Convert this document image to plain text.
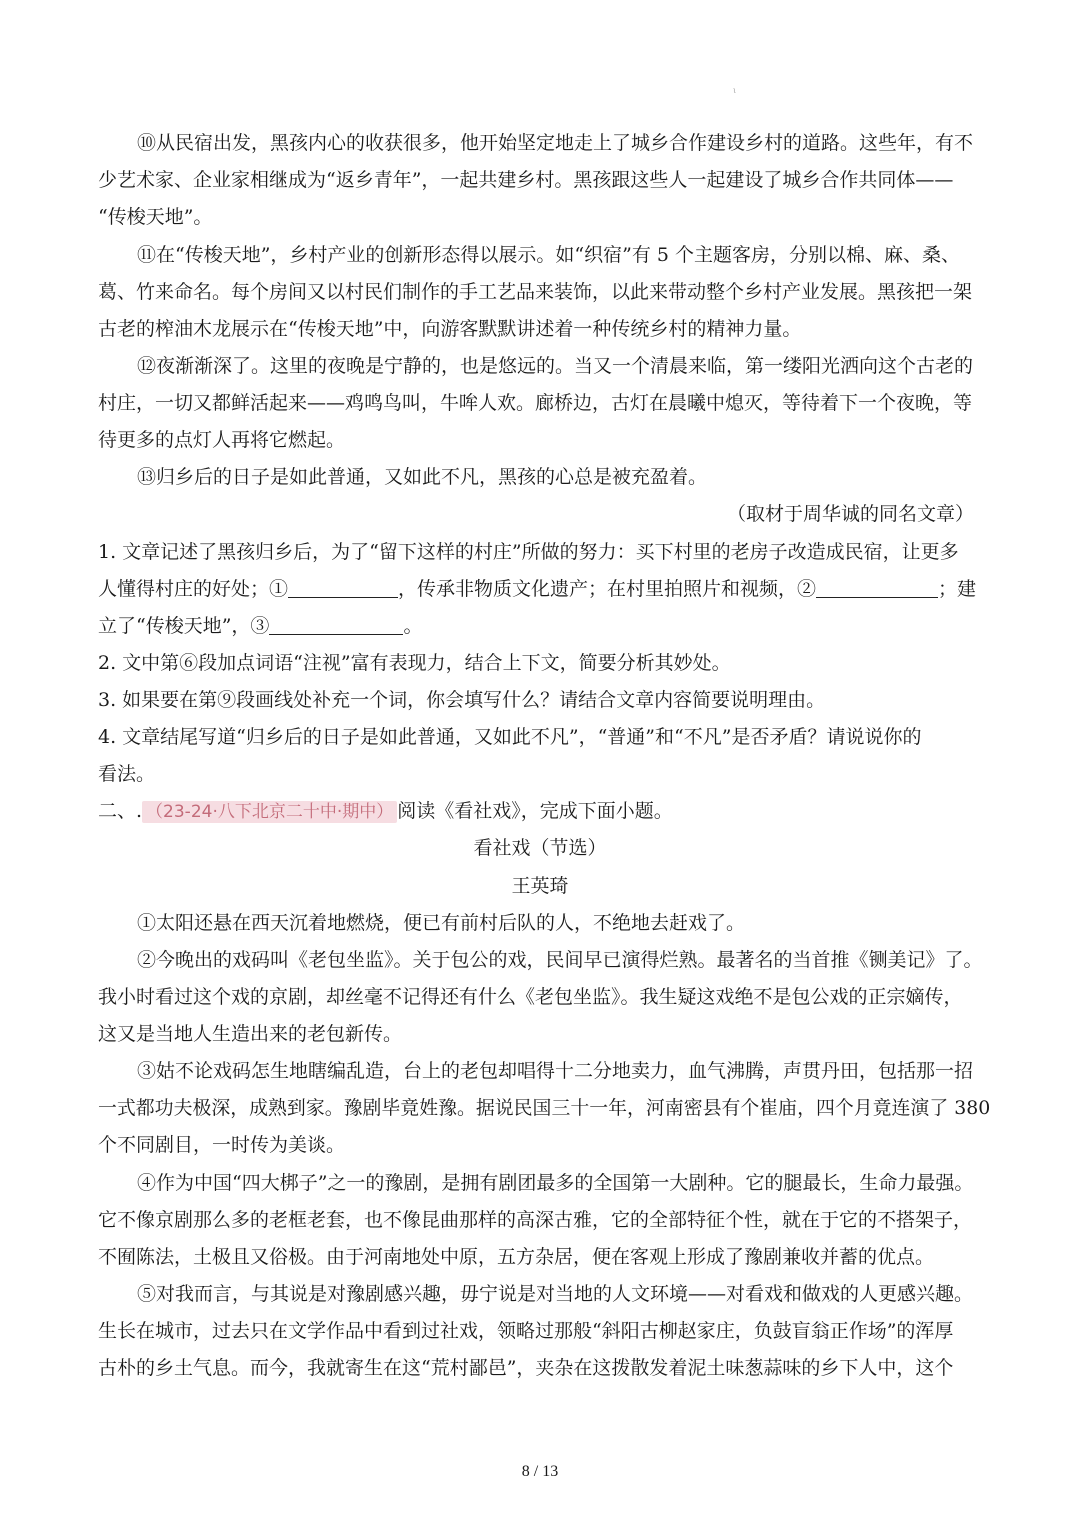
ι
⑩从民宿出发，黑孩内心的收获很多，他开始坚定地走上了城乡合作建设乡村的道路。这些年，有不
少艺术家、企业家相继成为“返乡青年”，一起共建乡村。黑孩跟这些人一起建设了城乡合作共同体——
“传梭天地”。
⑪在“传梭天地”，乡村产业的创新形态得以展示。如“织宿”有 5 个主题客房，分别以棉、麻、桑、
葛、竹来命名。每个房间又以村民们制作的手工艺品来装饰，以此来带动整个乡村产业发展。黑孩把一架
古老的榨油木龙展示在“传梭天地”中，向游客默默讲述着一种传统乡村的精神力量。
⑫夜渐渐深了。这里的夜晚是宁静的，也是悠远的。当又一个清晨来临，第一缕阳光洒向这个古老的
村庄，一切又都鲜活起来——鸡鸣鸟叫，牛哞人欢。廊桥边，古灯在晨曦中熄灭，等待着下一个夜晚，等
待更多的点灯人再将它燃起。
⑬归乡后的日子是如此普通，又如此不凡，黑孩的心总是被充盈着。
（取材于周华诚的同名文章）
1. 文章记述了黑孩归乡后，为了“留下这样的村庄”所做的努力：买下村里的老房子改造成民宿，让更多
人懂得村庄的好处；①	，传承非物质文化遗产；在村里拍照片和视频，②	；建
立了“传梭天地”，③	。
2. 文中第⑥段加点词语“注视”富有表现力，结合上下文，简要分析其妙处。
3. 如果要在第⑨段画线处补充一个词，你会填写什么？请结合文章内容简要说明理由。
4. 文章结尾写道“归乡后的日子是如此普通，又如此不凡”，“普通”和“不凡”是否矛盾？请说说你的
看法。
二、. （23-24·八下北京二十中·期中） 阅读《看社戏》，完成下面小题。
看社戏（节选）
王英琦
①太阳还悬在西天沉着地燃烧，便已有前村后队的人，不绝地去赶戏了。
②今晚出的戏码叫《老包坐监》。关于包公的戏，民间早已演得烂熟。最著名的当首推《铡美记》了。
我小时看过这个戏的京剧，却丝毫不记得还有什么《老包坐监》。我生疑这戏绝不是包公戏的正宗嫡传，
这又是当地人生造出来的老包新传。
③姑不论戏码怎生地瞎编乱造，台上的老包却唱得十二分地卖力，血气沸腾，声贯丹田，包括那一招
一式都功夫极深，成熟到家。豫剧毕竟姓豫。据说民国三十一年，河南密县有个崔庙，四个月竟连演了 380
个不同剧目，一时传为美谈。
④作为中国“四大梆子”之一的豫剧，是拥有剧团最多的全国第一大剧种。它的腿最长，生命力最强。
它不像京剧那么多的老框老套，也不像昆曲那样的高深古雅，它的全部特征个性，就在于它的不搭架子，
不囿陈法，土极且又俗极。由于河南地处中原，五方杂居，便在客观上形成了豫剧兼收并蓄的优点。
⑤对我而言，与其说是对豫剧感兴趣，毋宁说是对当地的人文环境——对看戏和做戏的人更感兴趣。
生长在城市，过去只在文学作品中看到过社戏，领略过那般“斜阳古柳赵家庄，负鼓盲翁正作场”的浑厚
古朴的乡土气息。而今，我就寄生在这“荒村鄙邑”，夹杂在这拨散发着泥土味葱蒜味的乡下人中，这个
8 / 13
